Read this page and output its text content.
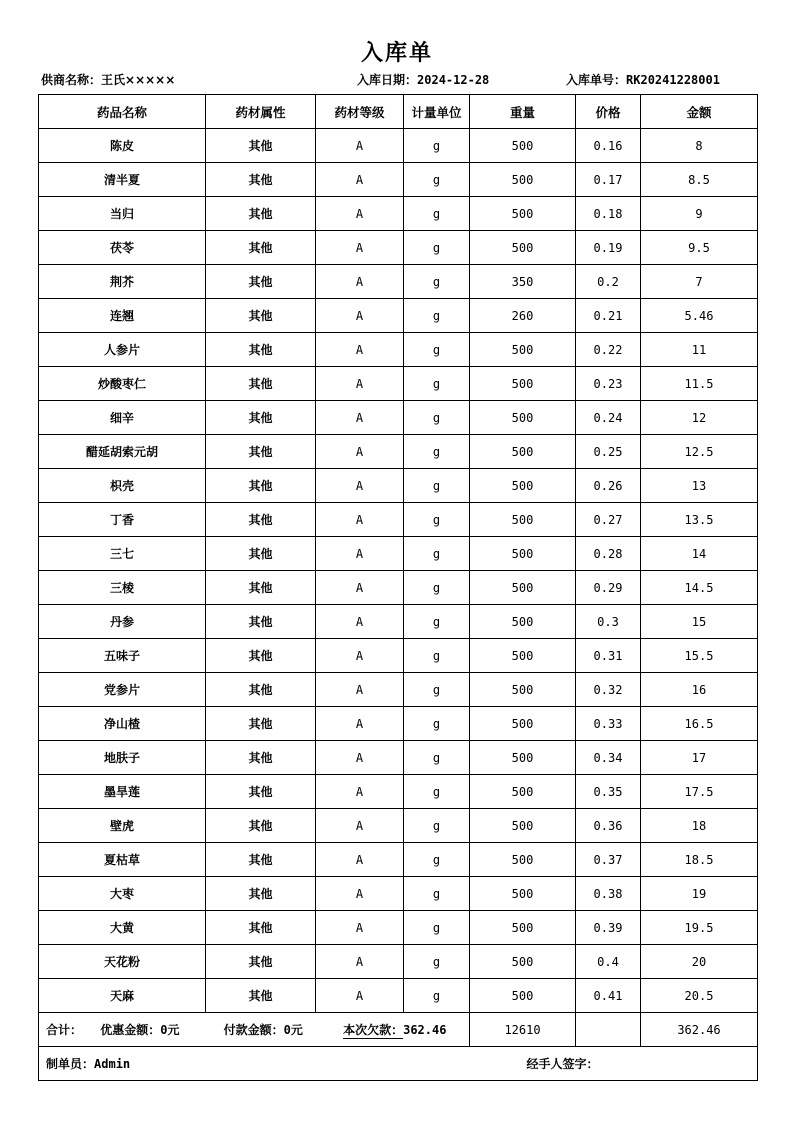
入库单
供商名称：王氏×××××	入库日期：2024-12-28	入库单号：RK20241228001
药品名称	药材属性	药材等级	计量单位	重量	价格	金额
陈皮	其他	A	g	500	0.16	8
清半夏	其他	A	g	500	0.17	8.5
当归	其他	A	g	500	0.18	9
茯苓	其他	A	g	500	0.19	9.5
荆芥	其他	A	g	350	0.2	7
连翘	其他	A	g	260	0.21	5.46
人参片	其他	A	g	500	0.22	11
炒酸枣仁	其他	A	g	500	0.23	11.5
细辛	其他	A	g	500	0.24	12
醋延胡索元胡	其他	A	g	500	0.25	12.5
枳壳	其他	A	g	500	0.26	13
丁香	其他	A	g	500	0.27	13.5
三七	其他	A	g	500	0.28	14
三棱	其他	A	g	500	0.29	14.5
丹参	其他	A	g	500	0.3	15
五味子	其他	A	g	500	0.31	15.5
党参片	其他	A	g	500	0.32	16
净山楂	其他	A	g	500	0.33	16.5
地肤子	其他	A	g	500	0.34	17
墨旱莲	其他	A	g	500	0.35	17.5
壁虎	其他	A	g	500	0.36	18
夏枯草	其他	A	g	500	0.37	18.5
大枣	其他	A	g	500	0.38	19
大黄	其他	A	g	500	0.39	19.5
天花粉	其他	A	g	500	0.4	20
天麻	其他	A	g	500	0.41	20.5
合计： 优惠金额：0元 付款金额：0元 本次欠款：362.46				12610		362.46
制单员：Admin				经手人签字：		
